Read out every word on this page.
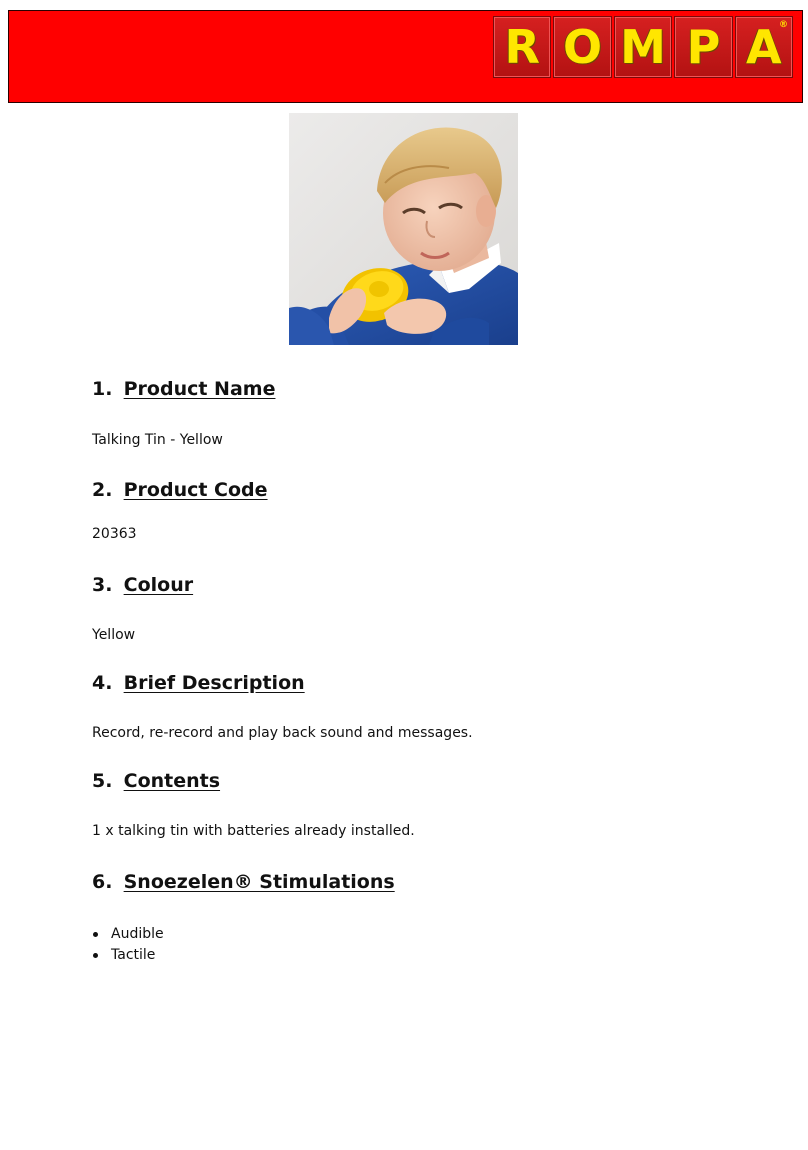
R O M P A
®
1. Product Name

Talking Tin - Yellow

2. Product Code

20363

3. Colour

Yellow

4. Brief Description

Record, re-record and play back sound and messages.

5. Contents

1 x talking tin with batteries already installed.

6. Snoezelen® Stimulations
Audible
Tactile
